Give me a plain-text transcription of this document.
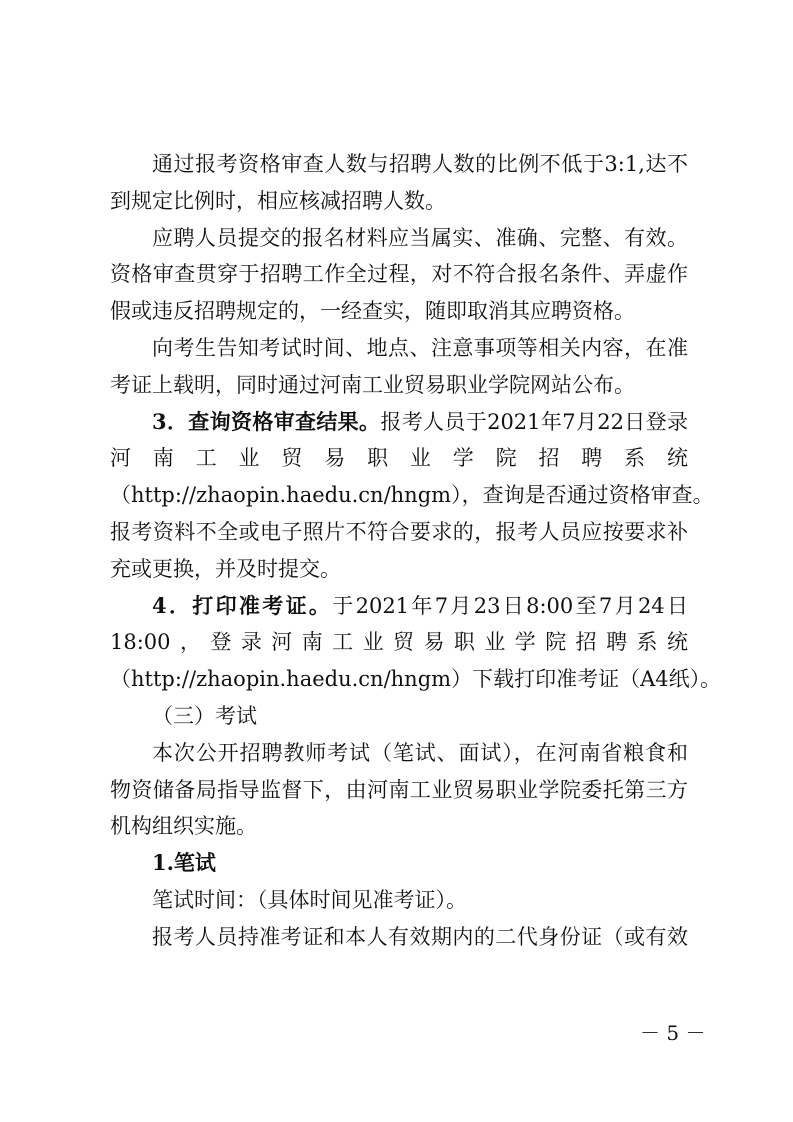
通过报考资格审查人数与招聘人数的比例不低于3:1,达不
到规定比例时，相应核减招聘人数。

应聘人员提交的报名材料应当属实、准确、完整、有效。
资格审查贯穿于招聘工作全过程，对不符合报名条件、弄虚作
假或违反招聘规定的，一经查实，随即取消其应聘资格。

向考生告知考试时间、地点、注意事项等相关内容，在准
考证上载明，同时通过河南工业贸易职业学院网站公布。

3．查询资格审查结果。报考人员于2021年7月22日登录
河南工业贸易职业学院招聘系统
（http://zhaopin.haedu.cn/hngm），查询是否通过资格审查。
报考资料不全或电子照片不符合要求的，报考人员应按要求补
充或更换，并及时提交。

4．打印准考证。于2021年7月23日8:00至7月24日
18:00，登录河南工业贸易职业学院招聘系统
（http://zhaopin.haedu.cn/hngm）下载打印准考证（A4纸）。

（三）考试

本次公开招聘教师考试（笔试、面试），在河南省粮食和
物资储备局指导监督下，由河南工业贸易职业学院委托第三方
机构组织实施。

1.笔试

笔试时间：（具体时间见准考证）。

报考人员持准考证和本人有效期内的二代身份证（或有效

－ 5 －
